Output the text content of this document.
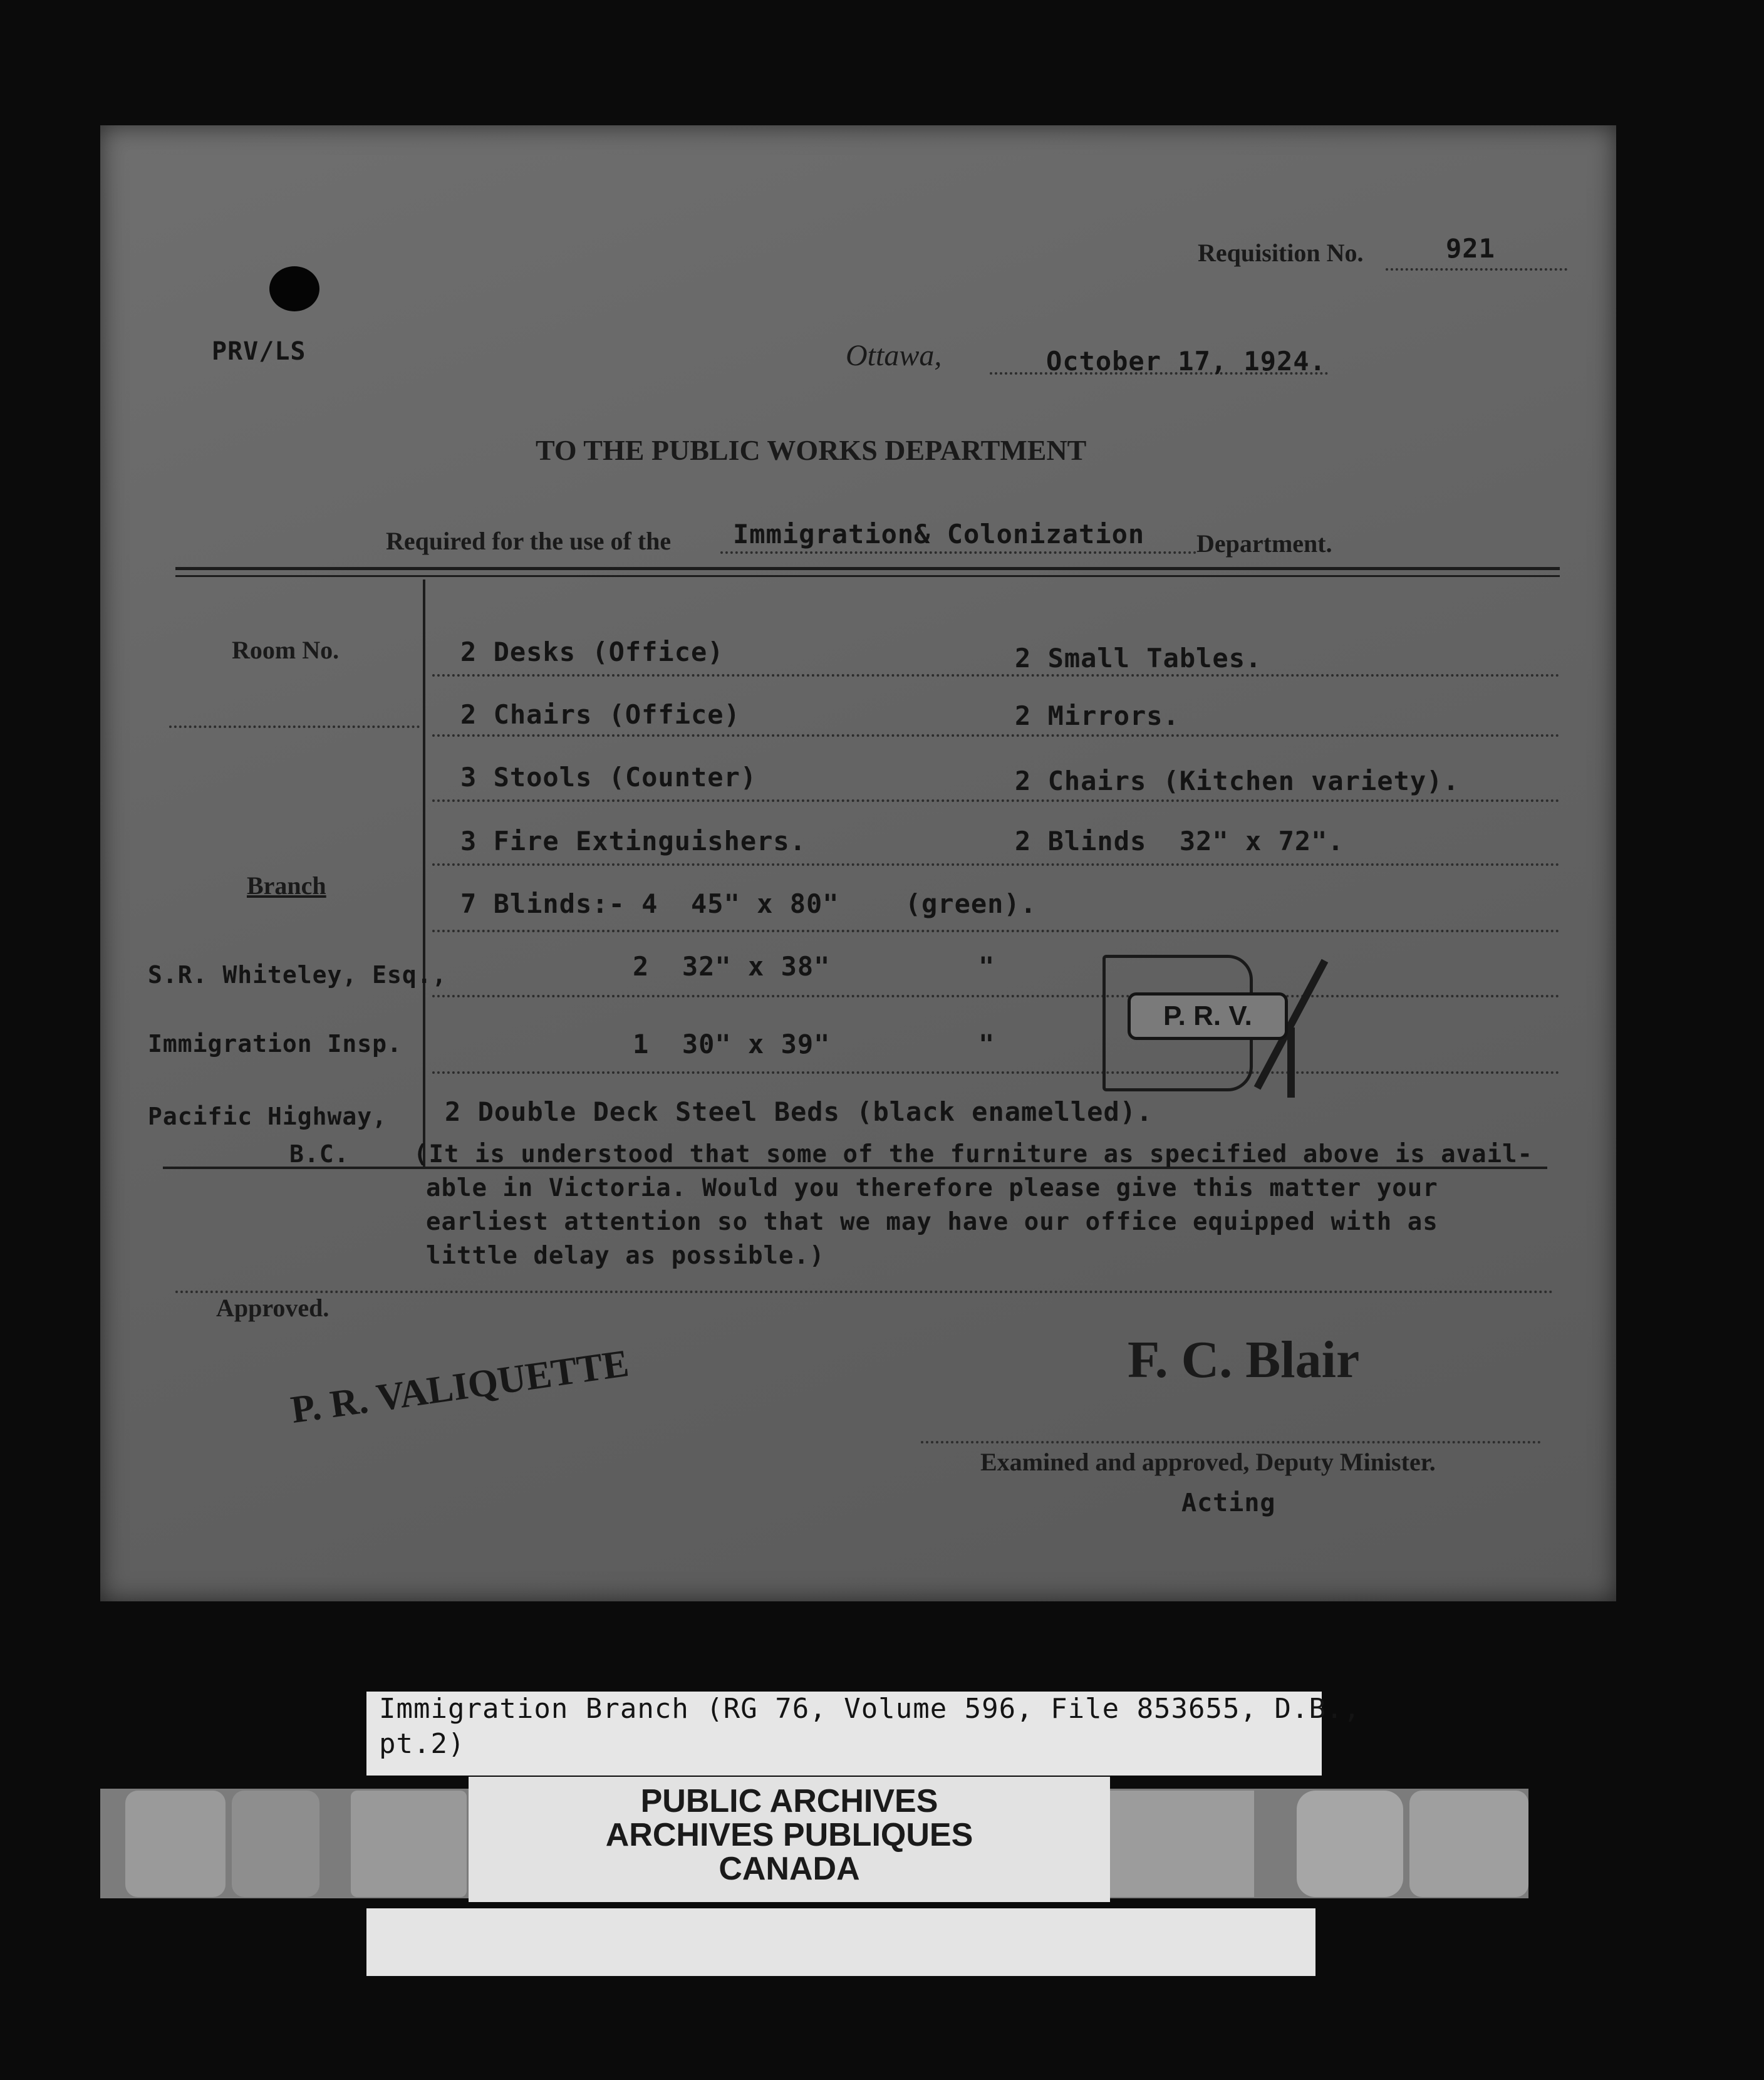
Requisition No.	921
PRV/LS	Ottawa,	October 17, 1924.
TO THE PUBLIC WORKS DEPARTMENT
Required for the use of the Immigration& Colonization Department.
Room No.
Branch
S.R. Whiteley, Esq.,
Immigration Insp.
Pacific Highway,
B.C.
2 Desks (Office)	2 Small Tables.
2 Chairs (Office)	2 Mirrors.
3 Stools (Counter)	2 Chairs (Kitchen variety).
3 Fire Extinguishers.	2 Blinds  32" x 72".
7 Blinds:- 4  45" x 80"    (green).
2  32" x 38"         "
1  30" x 39"         "
2 Double Deck Steel Beds (black enamelled).
(It is understood that some of the furniture as specified above is avail-
able in Victoria. Would you therefore please give this matter your
earliest attention so that we may have our office equipped with as
little delay as possible.)
P. R. V.
Approved.
P. R. VALIQUETTE	F. C. Blair
Examined and approved, Deputy Minister.
Acting
Immigration Branch (RG 76, Volume 596, File 853655, D.B.,
pt.2)
PUBLIC ARCHIVES
ARCHIVES PUBLIQUES
CANADA
